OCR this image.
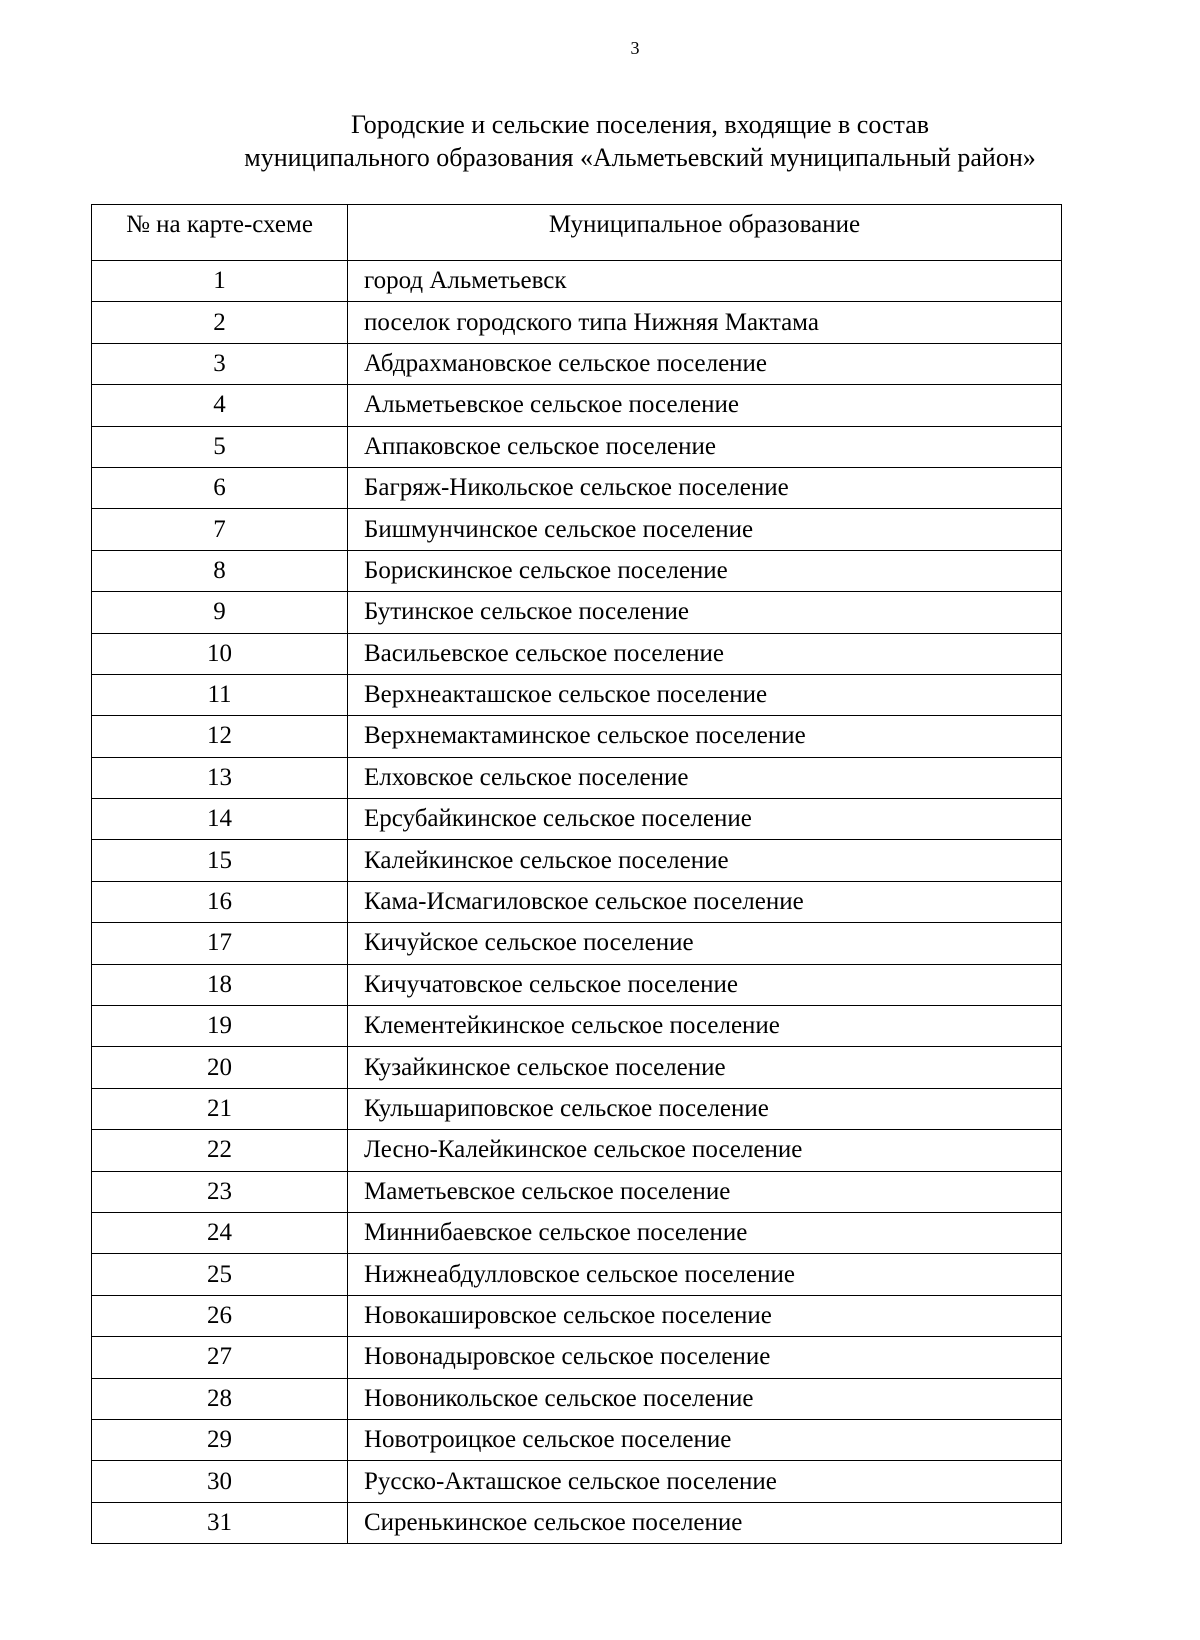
3
Городские и сельские поселения, входящие в состав
муниципального образования «Альметьевский муниципальный район»
№ на карте-схеме	Муниципальное образование
1	город Альметьевск
2	поселок городского типа Нижняя Мактама
3	Абдрахмановское сельское поселение
4	Альметьевское сельское поселение
5	Аппаковское сельское поселение
6	Багряж-Никольское сельское поселение
7	Бишмунчинское сельское поселение
8	Борискинское сельское поселение
9	Бутинское сельское поселение
10	Васильевское сельское поселение
11	Верхнеакташское сельское поселение
12	Верхнемактаминское сельское поселение
13	Елховское сельское поселение
14	Ерсубайкинское сельское поселение
15	Калейкинское сельское поселение
16	Кама-Исмагиловское сельское поселение
17	Кичуйское сельское поселение
18	Кичучатовское сельское поселение
19	Клементейкинское сельское поселение
20	Кузайкинское сельское поселение
21	Кульшариповское сельское поселение
22	Лесно-Калейкинское сельское поселение
23	Маметьевское сельское поселение
24	Миннибаевское сельское поселение
25	Нижнеабдулловское сельское поселение
26	Новокашировское сельское поселение
27	Новонадыровское сельское поселение
28	Новоникольское сельское поселение
29	Новотроицкое сельское поселение
30	Русско-Акташское сельское поселение
31	Сиренькинское сельское поселение
